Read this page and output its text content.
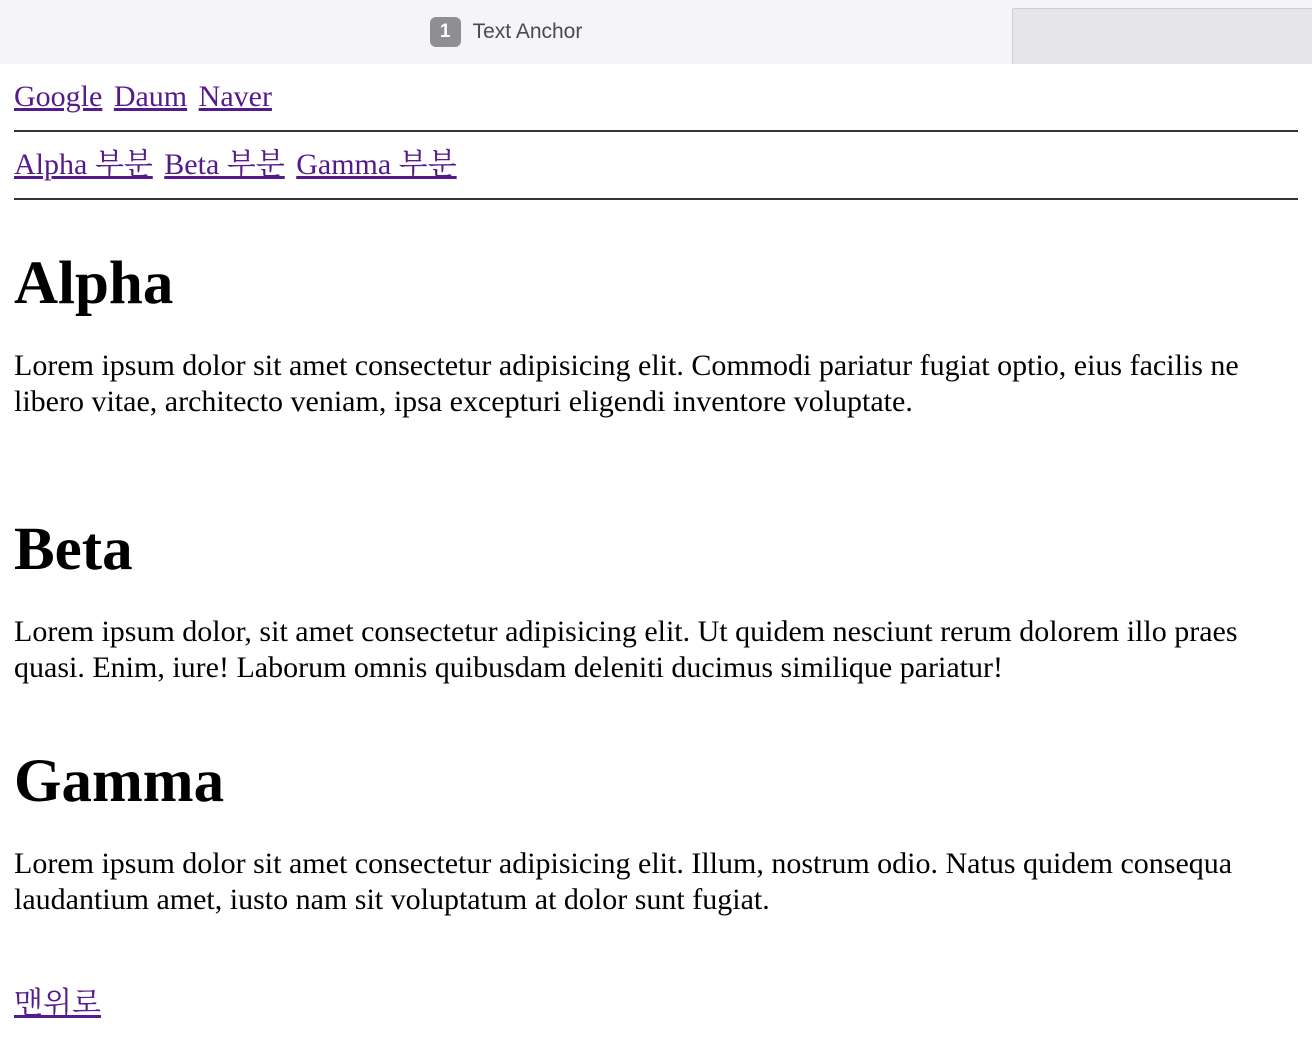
1	Text Anchor
Google Daum Naver
Alpha 부분 Beta 부분 Gamma 부분
Alpha

Lorem ipsum dolor sit amet consectetur adipisicing elit. Commodi pariatur fugiat optio, eius facilis ne
libero vitae, architecto veniam, ipsa excepturi eligendi inventore voluptate.

Beta

Lorem ipsum dolor, sit amet consectetur adipisicing elit. Ut quidem nesciunt rerum dolorem illo praes
quasi. Enim, iure! Laborum omnis quibusdam deleniti ducimus similique pariatur!

Gamma

Lorem ipsum dolor sit amet consectetur adipisicing elit. Illum, nostrum odio. Natus quidem consequa
laudantium amet, iusto nam sit voluptatum at dolor sunt fugiat.

맨위로
